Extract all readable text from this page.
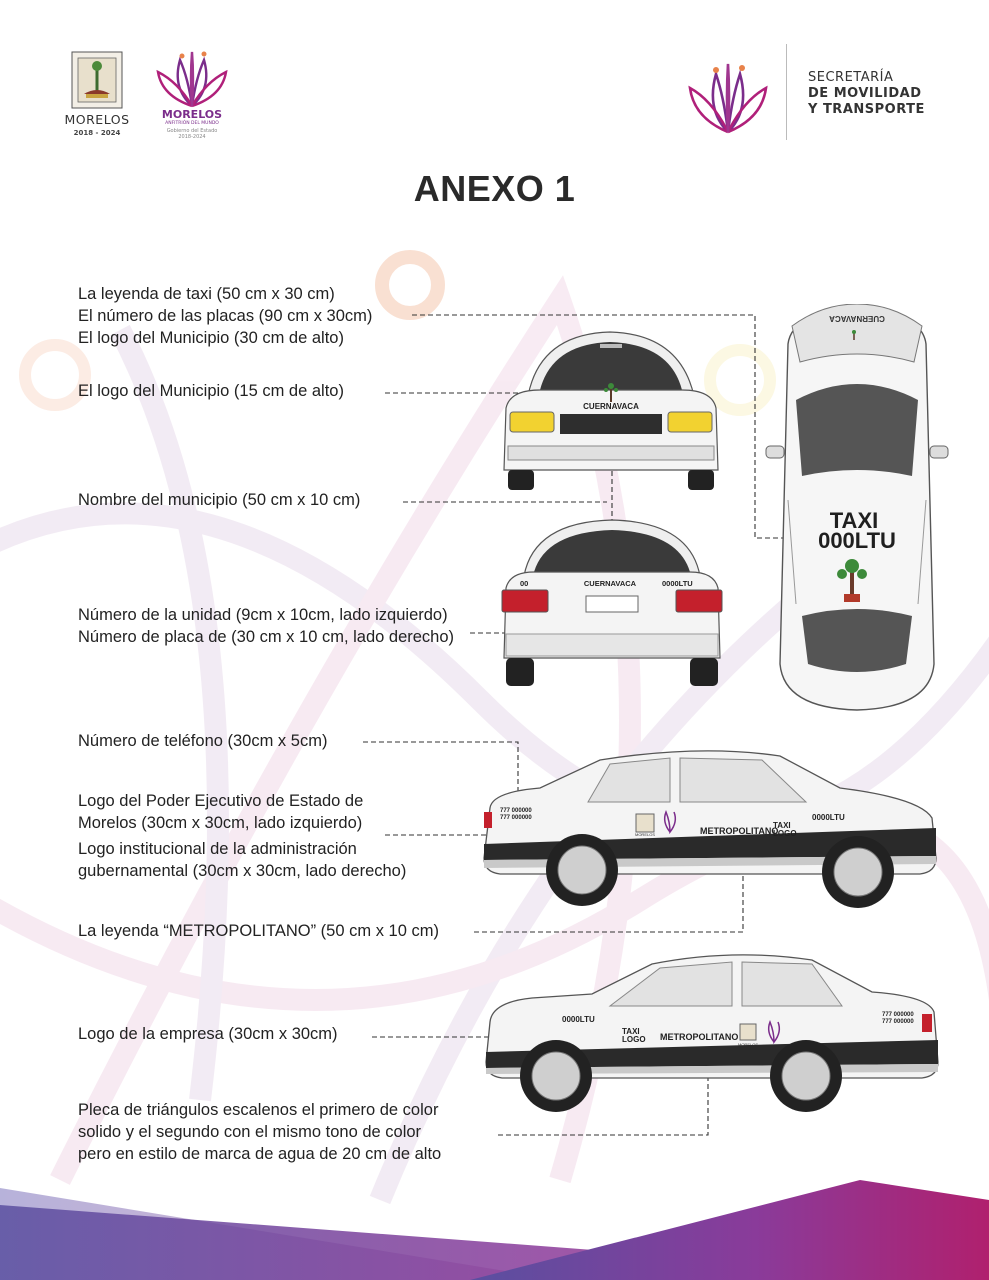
MORELOS
2018 - 2024
MORELOS
ANFITRIÓN DEL MUNDO
Gobierno del Estado
2018-2024
SECRETARÍA
DE MOVILIDAD
Y TRANSPORTE
ANEXO 1
La leyenda de taxi (50 cm x 30 cm)
El número de las placas (90 cm x 30cm)
El logo del Municipio (30 cm de alto)
El logo del Municipio (15 cm de alto)
Nombre del municipio (50 cm x 10 cm)
Número de la unidad (9cm x 10cm, lado izquierdo)
Número de placa de (30 cm x 10 cm, lado derecho)
Número de teléfono (30cm x 5cm)
Logo del Poder Ejecutivo de Estado de
Morelos (30cm x 30cm, lado izquierdo)
Logo institucional de la administración
gubernamental (30cm x 30cm, lado derecho)
La leyenda “METROPOLITANO” (50 cm x 10 cm)
Logo de la empresa (30cm x 30cm)
Pleca de triángulos escalenos el primero de color
solido y el segundo con el mismo tono de color
pero en estilo de marca de agua de 20 cm de alto
CUERNAVACA
00	CUERNAVACA	0000LTU
CUERNAVACA
TAXI
000LTU
777 000000
777 000000
MORELOS	METROPOLITANO
TAXI
LOGO
0000LTU
0000LTU
TAXI
LOGO METROPOLITANO
MORELOS
777 000000
777 000000
